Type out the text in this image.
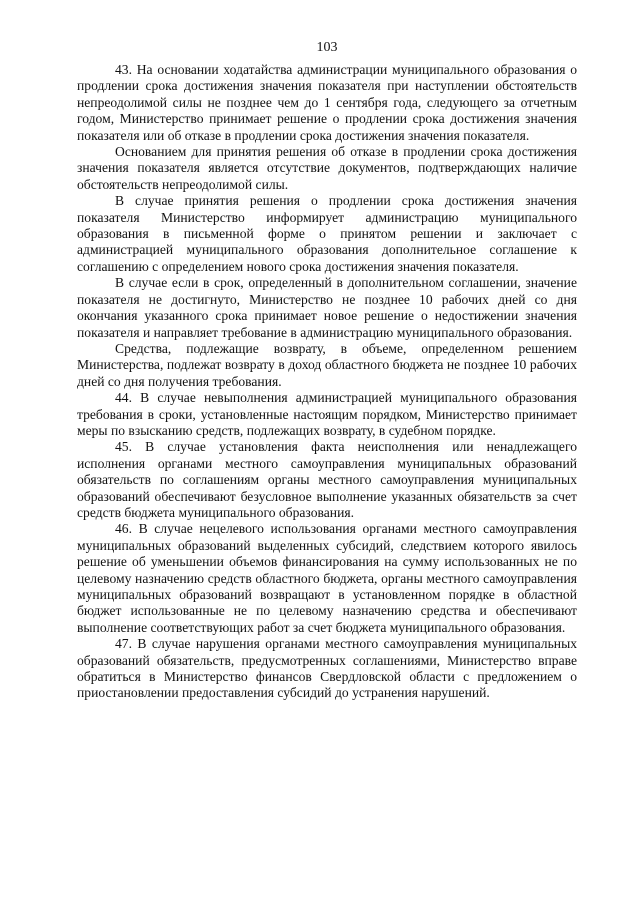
103

43. На основании ходатайства администрации муниципального образования о продлении срока достижения значения показателя при наступлении обстоятельств непреодолимой силы не позднее чем до 1 сентября года, следующего за отчетным годом, Министерство принимает решение о продлении срока достижения значения показателя или об отказе в продлении срока достижения значения показателя.

Основанием для принятия решения об отказе в продлении срока достижения значения показателя является отсутствие документов, подтверждающих наличие обстоятельств непреодолимой силы.

В случае принятия решения о продлении срока достижения значения показателя Министерство информирует администрацию муниципального образования в письменной форме о принятом решении и заключает с администрацией муниципального образования дополнительное соглашение к соглашению с определением нового срока достижения значения показателя.

В случае если в срок, определенный в дополнительном соглашении, значение показателя не достигнуто, Министерство не позднее 10 рабочих дней со дня окончания указанного срока принимает новое решение о недостижении значения показателя и направляет требование в администрацию муниципального образования.

Средства, подлежащие возврату, в объеме, определенном решением Министерства, подлежат возврату в доход областного бюджета не позднее 10 рабочих дней со дня получения требования.

44. В случае невыполнения администрацией муниципального образования требования в сроки, установленные настоящим порядком, Министерство принимает меры по взысканию средств, подлежащих возврату, в судебном порядке.

45. В случае установления факта неисполнения или ненадлежащего исполнения органами местного самоуправления муниципальных образований обязательств по соглашениям органы местного самоуправления муниципальных образований обеспечивают безусловное выполнение указанных обязательств за счет средств бюджета муниципального образования.

46. В случае нецелевого использования органами местного самоуправления муниципальных образований выделенных субсидий, следствием которого явилось решение об уменьшении объемов финансирования на сумму использованных не по целевому назначению средств областного бюджета, органы местного самоуправления муниципальных образований возвращают в установленном порядке в областной бюджет использованные не по целевому назначению средства и обеспечивают выполнение соответствующих работ за счет бюджета муниципального образования.

47. В случае нарушения органами местного самоуправления муниципальных образований обязательств, предусмотренных соглашениями, Министерство вправе обратиться в Министерство финансов Свердловской области с предложением о приостановлении предоставления субсидий до устранения нарушений.
